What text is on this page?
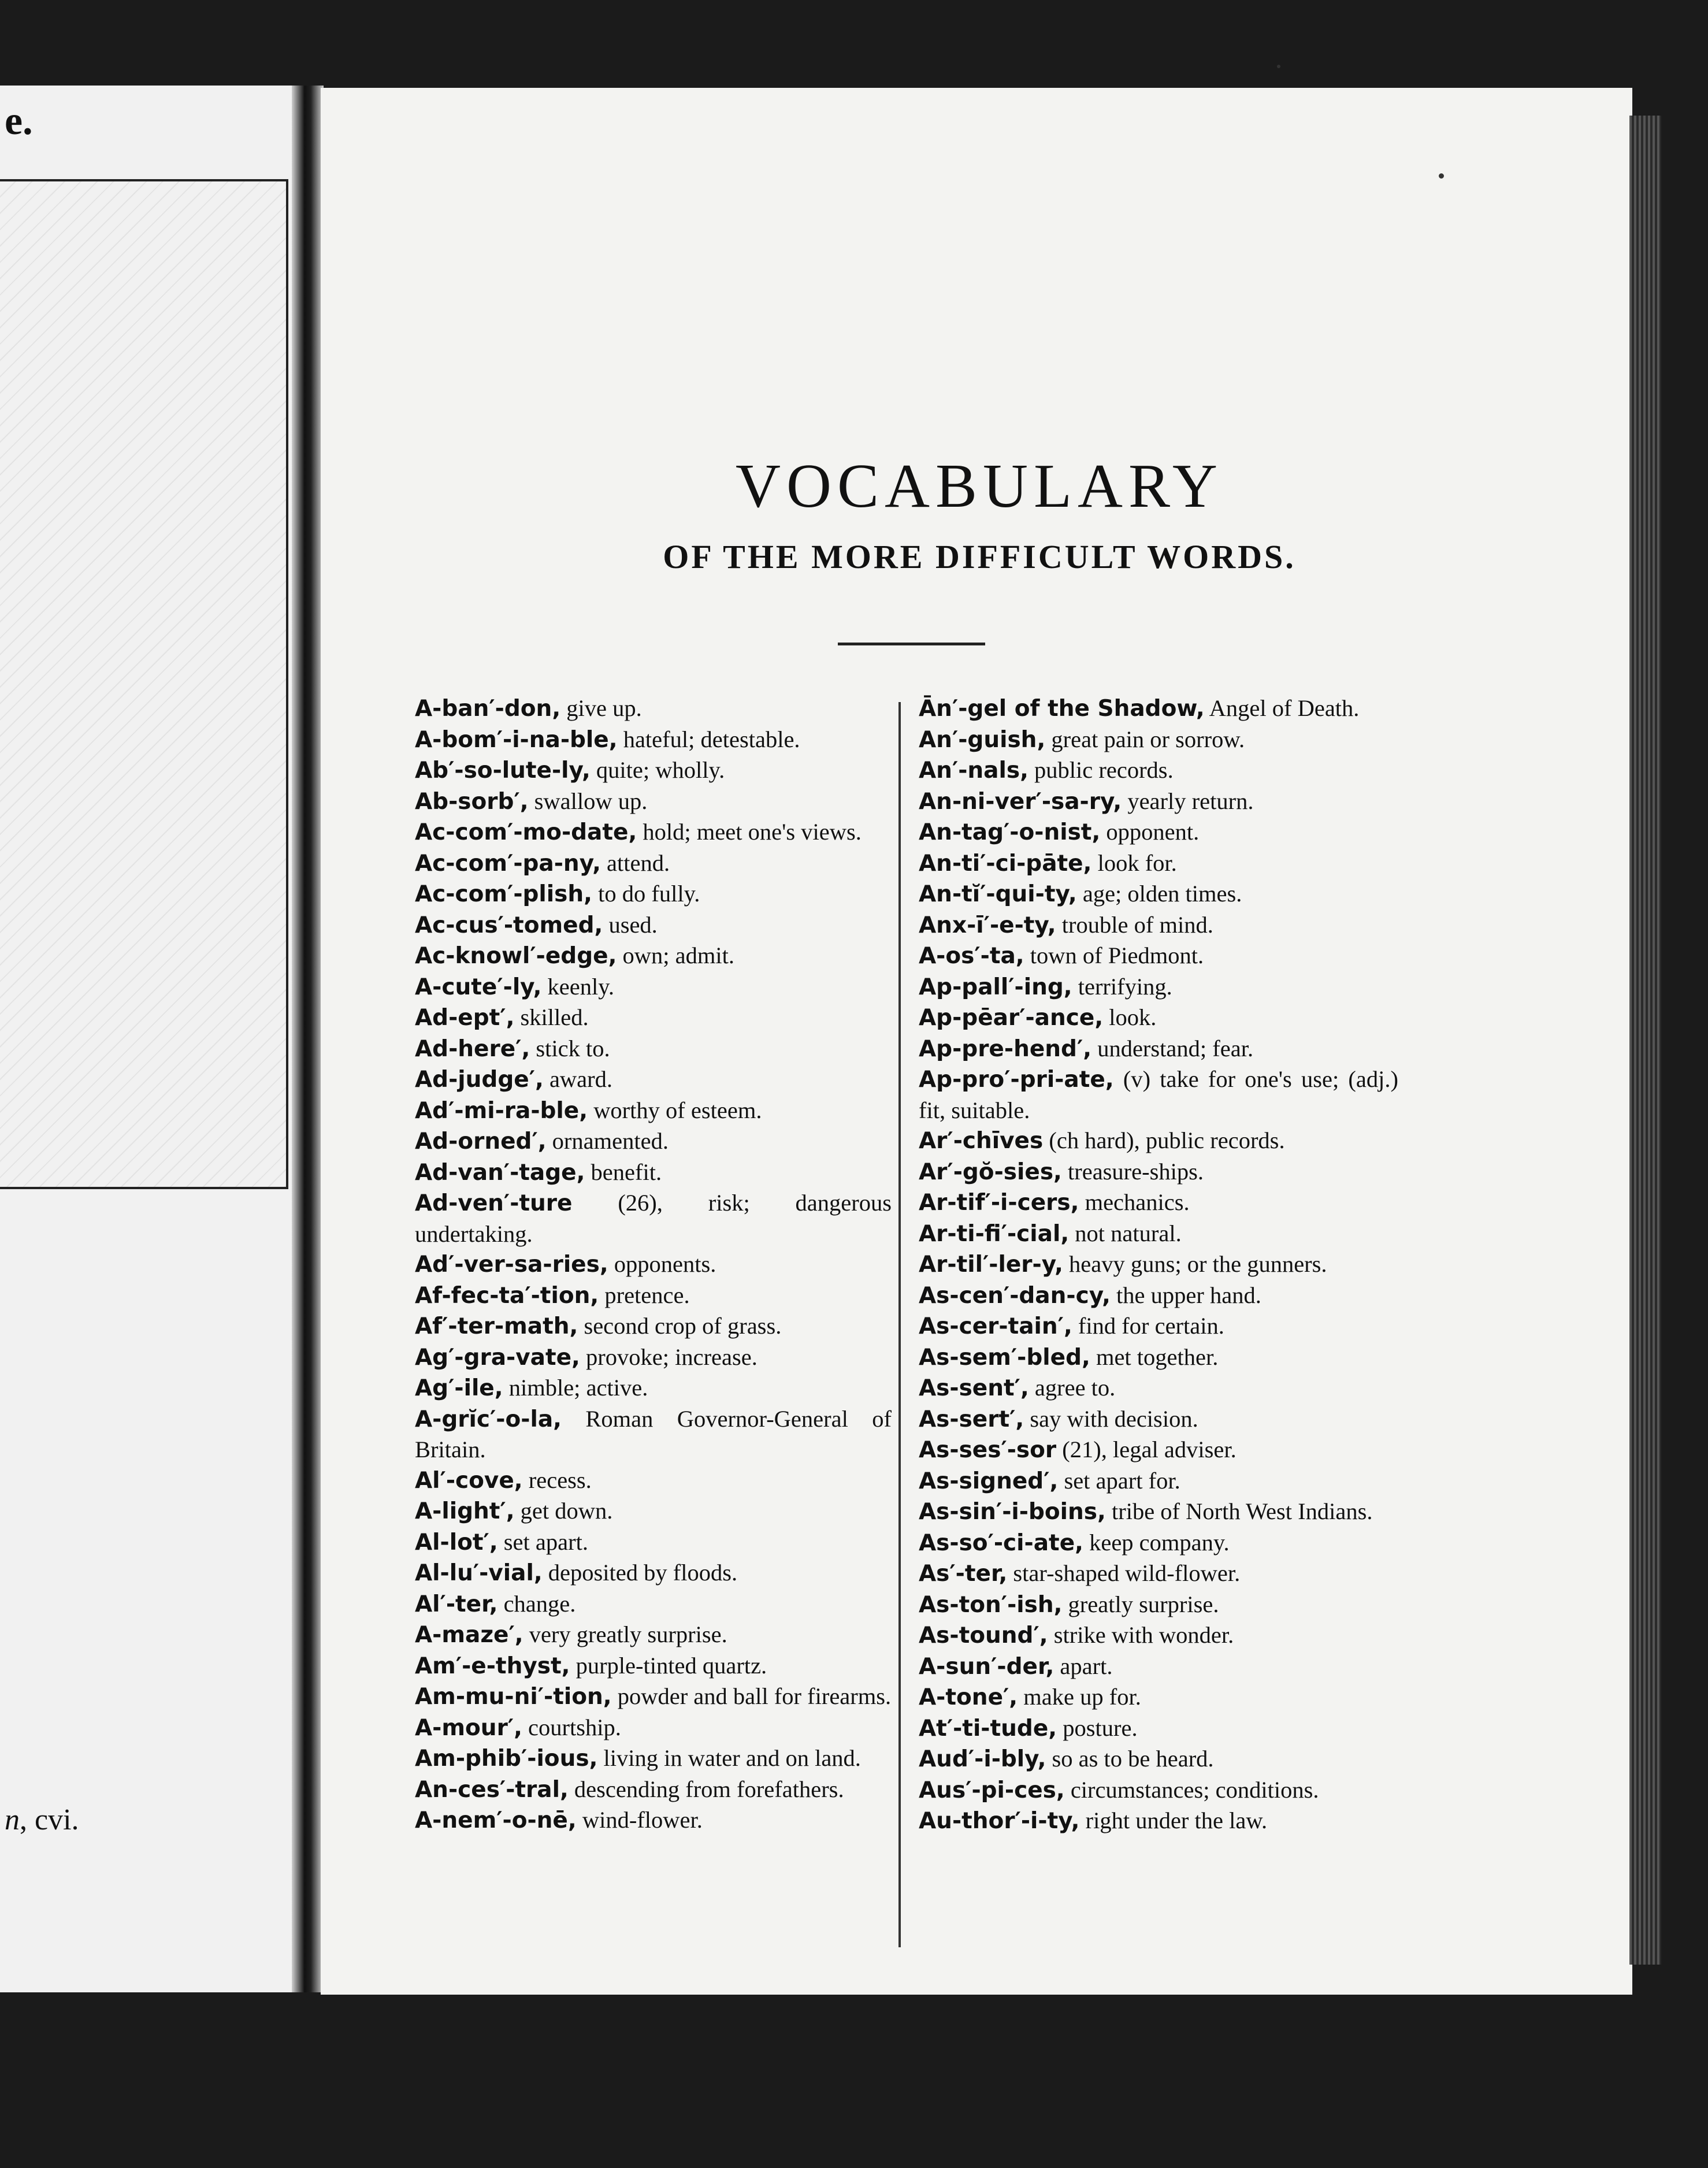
e.
n, cvi.
VOCABULARY
OF THE MORE DIFFICULT WORDS.
A-ban′-don, give up.
A-bom′-i-na-ble, hateful; detestable.
Ab′-so-lute-ly, quite; wholly.
Ab-sorb′, swallow up.
Ac-com′-mo-date, hold; meet one's views.
Ac-com′-pa-ny, attend.
Ac-com′-plish, to do fully.
Ac-cus′-tomed, used.
Ac-knowl′-edge, own; admit.
A-cute′-ly, keenly.
Ad-ept′, skilled.
Ad-here′, stick to.
Ad-judge′, award.
Ad′-mi-ra-ble, worthy of esteem.
Ad-orned′, ornamented.
Ad-van′-tage, benefit.
Ad-ven′-ture (26), risk; dangerous undertaking.
Ad′-ver-sa-ries, opponents.
Af-fec-ta′-tion, pretence.
Af′-ter-math, second crop of grass.
Ag′-gra-vate, provoke; increase.
Ag′-ile, nimble; active.
A-grĭc′-o-la, Roman Governor-General of Britain.
Al′-cove, recess.
A-light′, get down.
Al-lot′, set apart.
Al-lu′-vial, deposited by floods.
Al′-ter, change.
A-maze′, very greatly surprise.
Am′-e-thyst, purple-tinted quartz.
Am-mu-ni′-tion, powder and ball for firearms.
A-mour′, courtship.
Am-phib′-ious, living in water and on land.
An-ces′-tral, descending from forefathers.
A-nem′-o-nē, wind-flower.
Ān′-gel of the Shadow, Angel of Death.
An′-guish, great pain or sorrow.
An′-nals, public records.
An-ni-ver′-sa-ry, yearly return.
An-tag′-o-nist, opponent.
An-ti′-ci-pāte, look for.
An-tĭ′-qui-ty, age; olden times.
Anx-ī′-e-ty, trouble of mind.
A-os′-ta, town of Piedmont.
Ap-pall′-ing, terrifying.
Ap-pēar′-ance, look.
Ap-pre-hend′, understand; fear.
Ap-pro′-pri-ate, (v) take for one's use; (adj.) fit, suitable.
Ar′-chīves (ch hard), public records.
Ar′-gŏ-sies, treasure-ships.
Ar-tif′-i-cers, mechanics.
Ar-ti-fi′-cial, not natural.
Ar-til′-ler-y, heavy guns; or the gunners.
As-cen′-dan-cy, the upper hand.
As-cer-tain′, find for certain.
As-sem′-bled, met together.
As-sent′, agree to.
As-sert′, say with decision.
As-ses′-sor (21), legal adviser.
As-signed′, set apart for.
As-sin′-i-boins, tribe of North West Indians.
As-so′-ci-ate, keep company.
As′-ter, star-shaped wild-flower.
As-ton′-ish, greatly surprise.
As-tound′, strike with wonder.
A-sun′-der, apart.
A-tone′, make up for.
At′-ti-tude, posture.
Aud′-i-bly, so as to be heard.
Aus′-pi-ces, circumstances; conditions.
Au-thor′-i-ty, right under the law.
